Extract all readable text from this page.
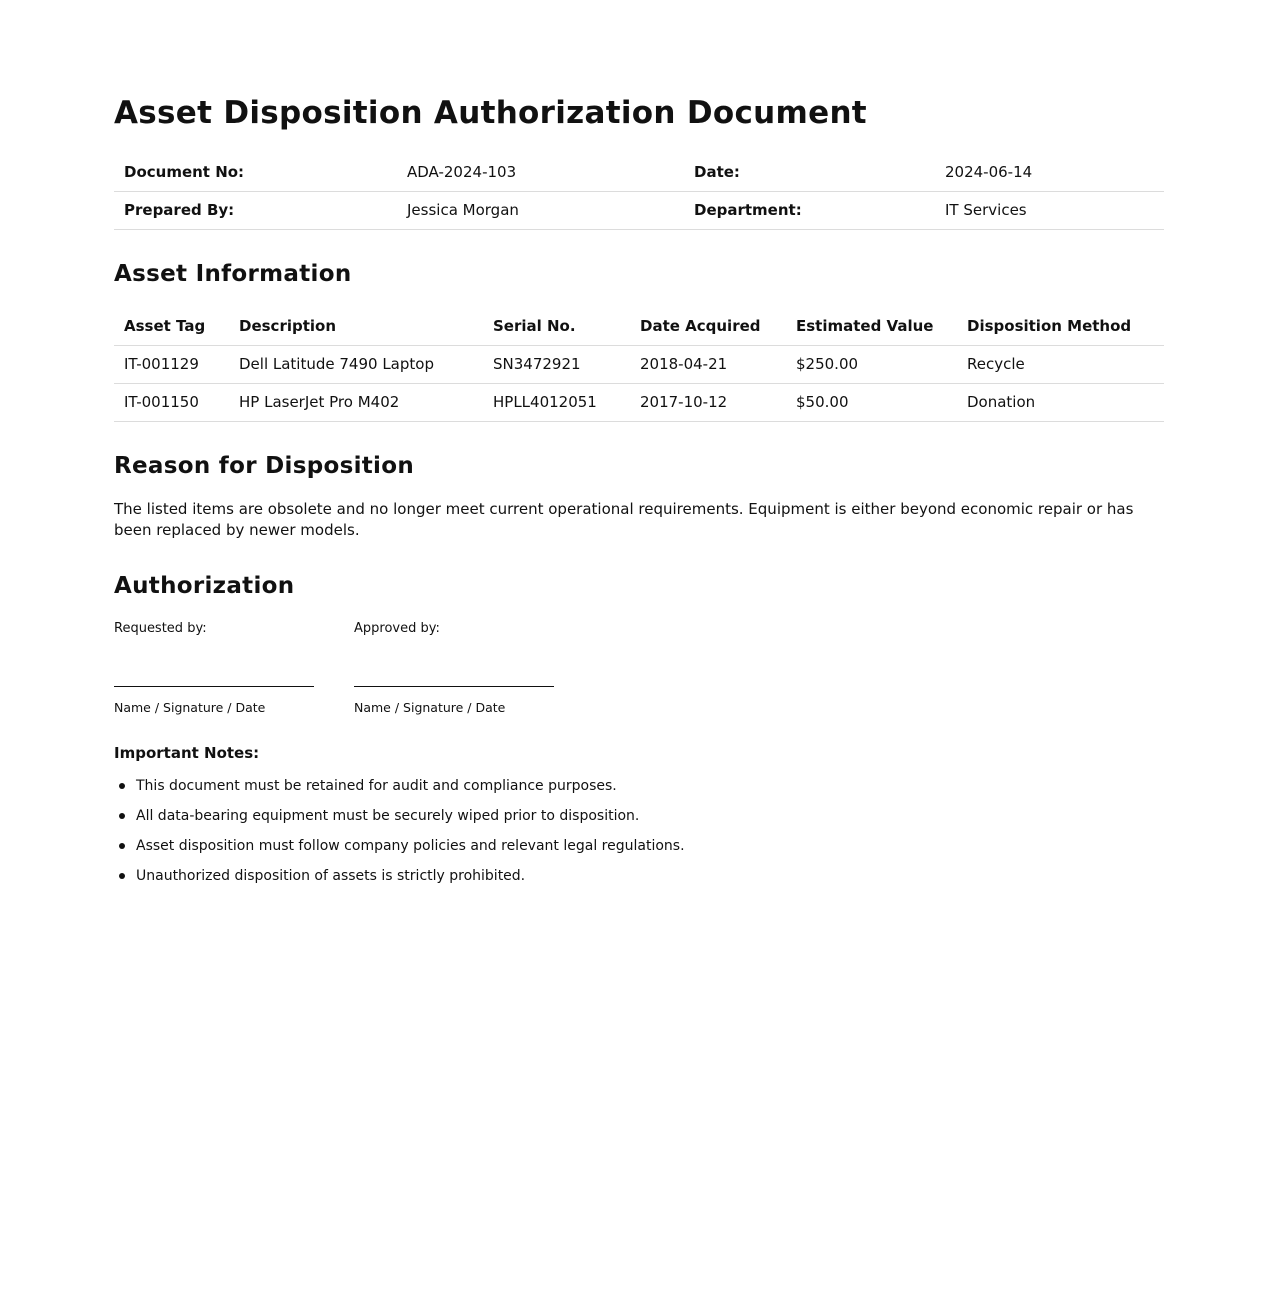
Asset Disposition Authorization Document
Document No:	ADA-2024-103	Date:	2024-06-14
Prepared By:	Jessica Morgan	Department:	IT Services
Asset Information
Asset Tag	Description	Serial No.	Date Acquired	Estimated Value	Disposition Method
IT-001129	Dell Latitude 7490 Laptop	SN3472921	2018-04-21	$250.00	Recycle
IT-001150	HP LaserJet Pro M402	HPLL4012051	2017-10-12	$50.00	Donation
Reason for Disposition

The listed items are obsolete and no longer meet current operational requirements. Equipment is either beyond economic repair or has been replaced by newer models.

Authorization
Requested by:
Name / Signature / Date
Approved by:
Name / Signature / Date
Important Notes:
This document must be retained for audit and compliance purposes.
All data-bearing equipment must be securely wiped prior to disposition.
Asset disposition must follow company policies and relevant legal regulations.
Unauthorized disposition of assets is strictly prohibited.
